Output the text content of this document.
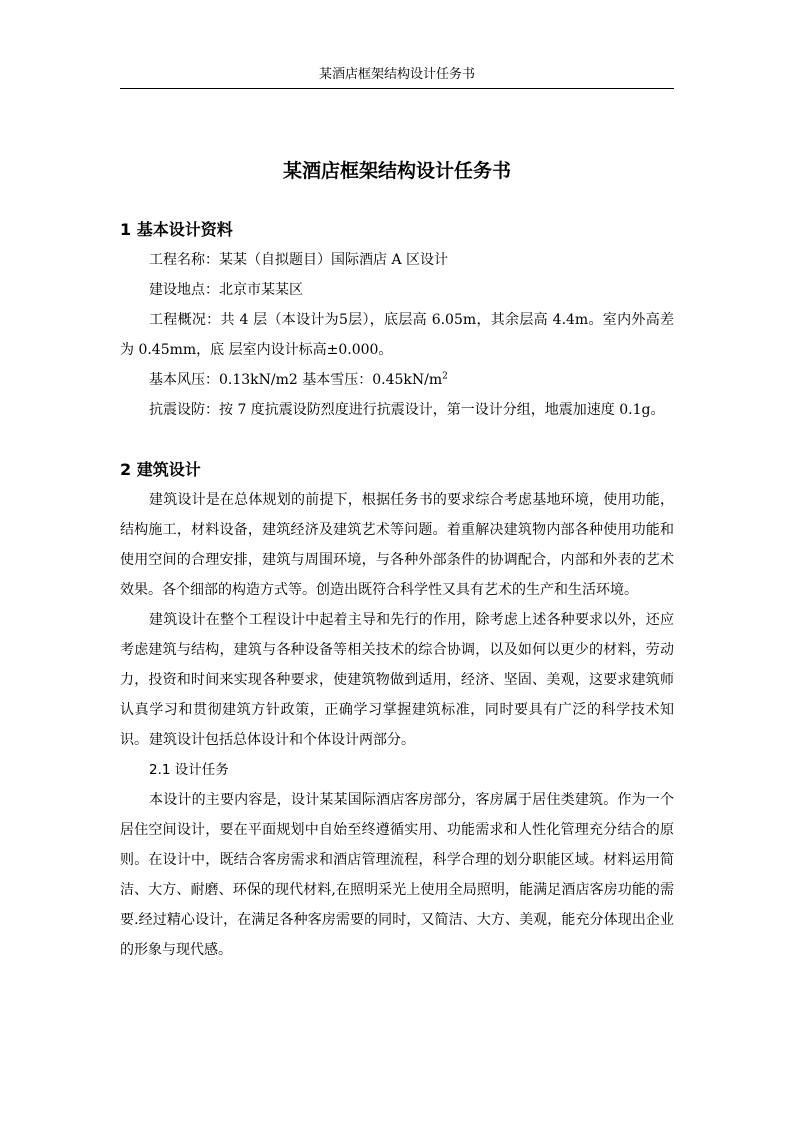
某酒店框架结构设计任务书
某酒店框架结构设计任务书
1 基本设计资料

工程名称：某某（自拟题目）国际酒店 A 区设计

建设地点：北京市某某区

工程概况：共 4 层（本设计为5层），底层高 6.05m，其余层高 4.4m。室内外高差为 0.45mm，底 层室内设计标高±0.000。

基本风压：0.13kN/m2 基本雪压：$0.45kN/m^2$

抗震设防：按 7 度抗震设防烈度进行抗震设计，第一设计分组，地震加速度 0.1g。

2 建筑设计

建筑设计是在总体规划的前提下，根据任务书的要求综合考虑基地环境，使用功能，结构施工，材料设备，建筑经济及建筑艺术等问题。着重解决建筑物内部各种使用功能和使用空间的合理安排，建筑与周围环境，与各种外部条件的协调配合，内部和外表的艺术效果。各个细部的构造方式等。创造出既符合科学性又具有艺术的生产和生活环境。

建筑设计在整个工程设计中起着主导和先行的作用，除考虑上述各种要求以外，还应考虑建筑与结构，建筑与各种设备等相关技术的综合协调，以及如何以更少的材料，劳动力，投资和时间来实现各种要求，使建筑物做到适用，经济、坚固、美观，这要求建筑师认真学习和贯彻建筑方针政策，正确学习掌握建筑标准，同时要具有广泛的科学技术知识。 建筑设计包括总体设计和个体设计两部分。

2.1 设计任务

本设计的主要内容是，设计某某国际酒店客房部分，客房属于居住类建筑。作为一个居住空间设计，要在平面规划中自始至终遵循实用、功能需求和人性化管理充分结合的原则。在设计中，既结合客房需求和酒店管理流程，科学合理的划分职能区域。材料运用简洁、大方、耐磨、环保的现代材料,在照明采光上使用全局照明，能满足酒店客房功能的需要.经过精心设计，在满足各种客房需要的同时，又简洁、大方、美观，能充分体现出企业的形象与现代感。
